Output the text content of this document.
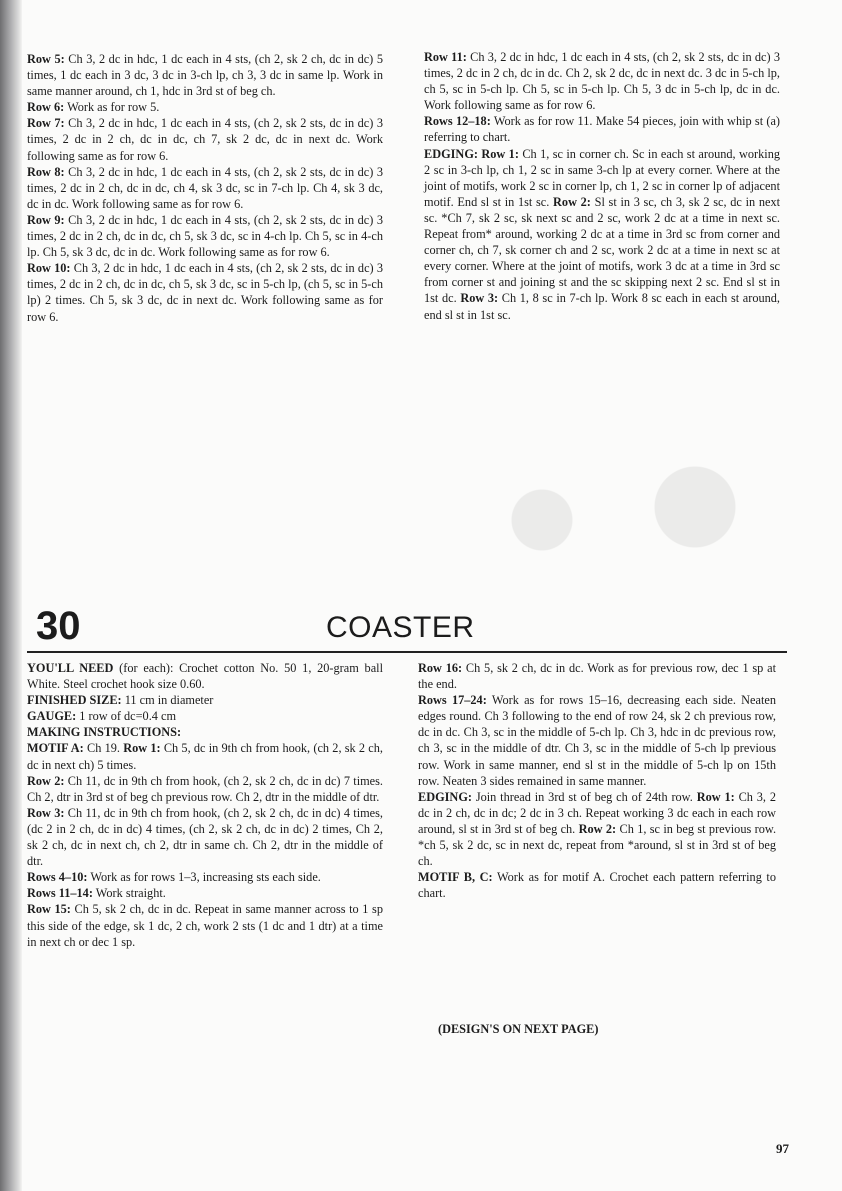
Row 5: Ch 3, 2 dc in hdc, 1 dc each in 4 sts, (ch 2, sk 2 ch, dc in dc) 5 times, 1 dc each in 3 dc, 3 dc in 3-ch lp, ch 3, 3 dc in same lp. Work in same manner around, ch 1, hdc in 3rd st of beg ch.

Row 6: Work as for row 5.

Row 7: Ch 3, 2 dc in hdc, 1 dc each in 4 sts, (ch 2, sk 2 sts, dc in dc) 3 times, 2 dc in 2 ch, dc in dc, ch 7, sk 2 dc, dc in next dc. Work following same as for row 6.

Row 8: Ch 3, 2 dc in hdc, 1 dc each in 4 sts, (ch 2, sk 2 sts, dc in dc) 3 times, 2 dc in 2 ch, dc in dc, ch 4, sk 3 dc, sc in 7-ch lp. Ch 4, sk 3 dc, dc in dc. Work following same as for row 6.

Row 9: Ch 3, 2 dc in hdc, 1 dc each in 4 sts, (ch 2, sk 2 sts, dc in dc) 3 times, 2 dc in 2 ch, dc in dc, ch 5, sk 3 dc, sc in 4-ch lp. Ch 5, sc in 4-ch lp. Ch 5, sk 3 dc, dc in dc. Work following same as for row 6.

Row 10: Ch 3, 2 dc in hdc, 1 dc each in 4 sts, (ch 2, sk 2 sts, dc in dc) 3 times, 2 dc in 2 ch, dc in dc, ch 5, sk 3 dc, sc in 5-ch lp, (ch 5, sc in 5-ch lp) 2 times. Ch 5, sk 3 dc, dc in next dc. Work following same as for row 6.

Row 11: Ch 3, 2 dc in hdc, 1 dc each in 4 sts, (ch 2, sk 2 sts, dc in dc) 3 times, 2 dc in 2 ch, dc in dc. Ch 2, sk 2 dc, dc in next dc. 3 dc in 5-ch lp, ch 5, sc in 5-ch lp. Ch 5, sc in 5-ch lp. Ch 5, 3 dc in 5-ch lp, dc in dc. Work following same as for row 6.

Rows 12–18: Work as for row 11. Make 54 pieces, join with whip st (a) referring to chart.

EDGING: Row 1: Ch 1, sc in corner ch. Sc in each st around, working 2 sc in 3-ch lp, ch 1, 2 sc in same 3-ch lp at every corner. Where at the joint of motifs, work 2 sc in corner lp, ch 1, 2 sc in corner lp of adjacent motif. End sl st in 1st sc. Row 2: Sl st in 3 sc, ch 3, sk 2 sc, dc in next sc. *Ch 7, sk 2 sc, sk next sc and 2 sc, work 2 dc at a time in next sc. Repeat from* around, working 2 dc at a time in 3rd sc from corner and corner ch, ch 7, sk corner ch and 2 sc, work 2 dc at a time in next sc at every corner. Where at the joint of motifs, work 3 dc at a time in 3rd sc from corner st and joining st and the sc skipping next 2 sc. End sl st in 1st dc. Row 3: Ch 1, 8 sc in 7-ch lp. Work 8 sc each in each st around, end sl st in 1st sc.

30	COASTER

YOU'LL NEED (for each): Crochet cotton No. 50 1, 20-gram ball White. Steel crochet hook size 0.60.

FINISHED SIZE: 11 cm in diameter

GAUGE: 1 row of dc=0.4 cm

MAKING INSTRUCTIONS:

MOTIF A: Ch 19. Row 1: Ch 5, dc in 9th ch from hook, (ch 2, sk 2 ch, dc in next ch) 5 times.

Row 2: Ch 11, dc in 9th ch from hook, (ch 2, sk 2 ch, dc in dc) 7 times. Ch 2, dtr in 3rd st of beg ch previous row. Ch 2, dtr in the middle of dtr.

Row 3: Ch 11, dc in 9th ch from hook, (ch 2, sk 2 ch, dc in dc) 4 times, (dc 2 in 2 ch, dc in dc) 4 times, (ch 2, sk 2 ch, dc in dc) 2 times, Ch 2, sk 2 ch, dc in next ch, ch 2, dtr in same ch. Ch 2, dtr in the middle of dtr.

Rows 4–10: Work as for rows 1–3, increasing sts each side.

Rows 11–14: Work straight.

Row 15: Ch 5, sk 2 ch, dc in dc. Repeat in same manner across to 1 sp this side of the edge, sk 1 dc, 2 ch, work 2 sts (1 dc and 1 dtr) at a time in next ch or dec 1 sp.

Row 16: Ch 5, sk 2 ch, dc in dc. Work as for previous row, dec 1 sp at the end.

Rows 17–24: Work as for rows 15–16, decreasing each side. Neaten edges round. Ch 3 following to the end of row 24, sk 2 ch previous row, dc in dc. Ch 3, sc in the middle of 5-ch lp. Ch 3, hdc in dc previous row, ch 3, sc in the middle of dtr. Ch 3, sc in the middle of 5-ch lp previous row. Work in same manner, end sl st in the middle of 5-ch lp on 15th row. Neaten 3 sides remained in same manner.

EDGING: Join thread in 3rd st of beg ch of 24th row. Row 1: Ch 3, 2 dc in 2 ch, dc in dc; 2 dc in 3 ch. Repeat working 3 dc each in each row around, sl st in 3rd st of beg ch. Row 2: Ch 1, sc in beg st previous row. *ch 5, sk 2 dc, sc in next dc, repeat from *around, sl st in 3rd st of beg ch.

MOTIF B, C: Work as for motif A. Crochet each pattern referring to chart.

(DESIGN'S ON NEXT PAGE)
97
